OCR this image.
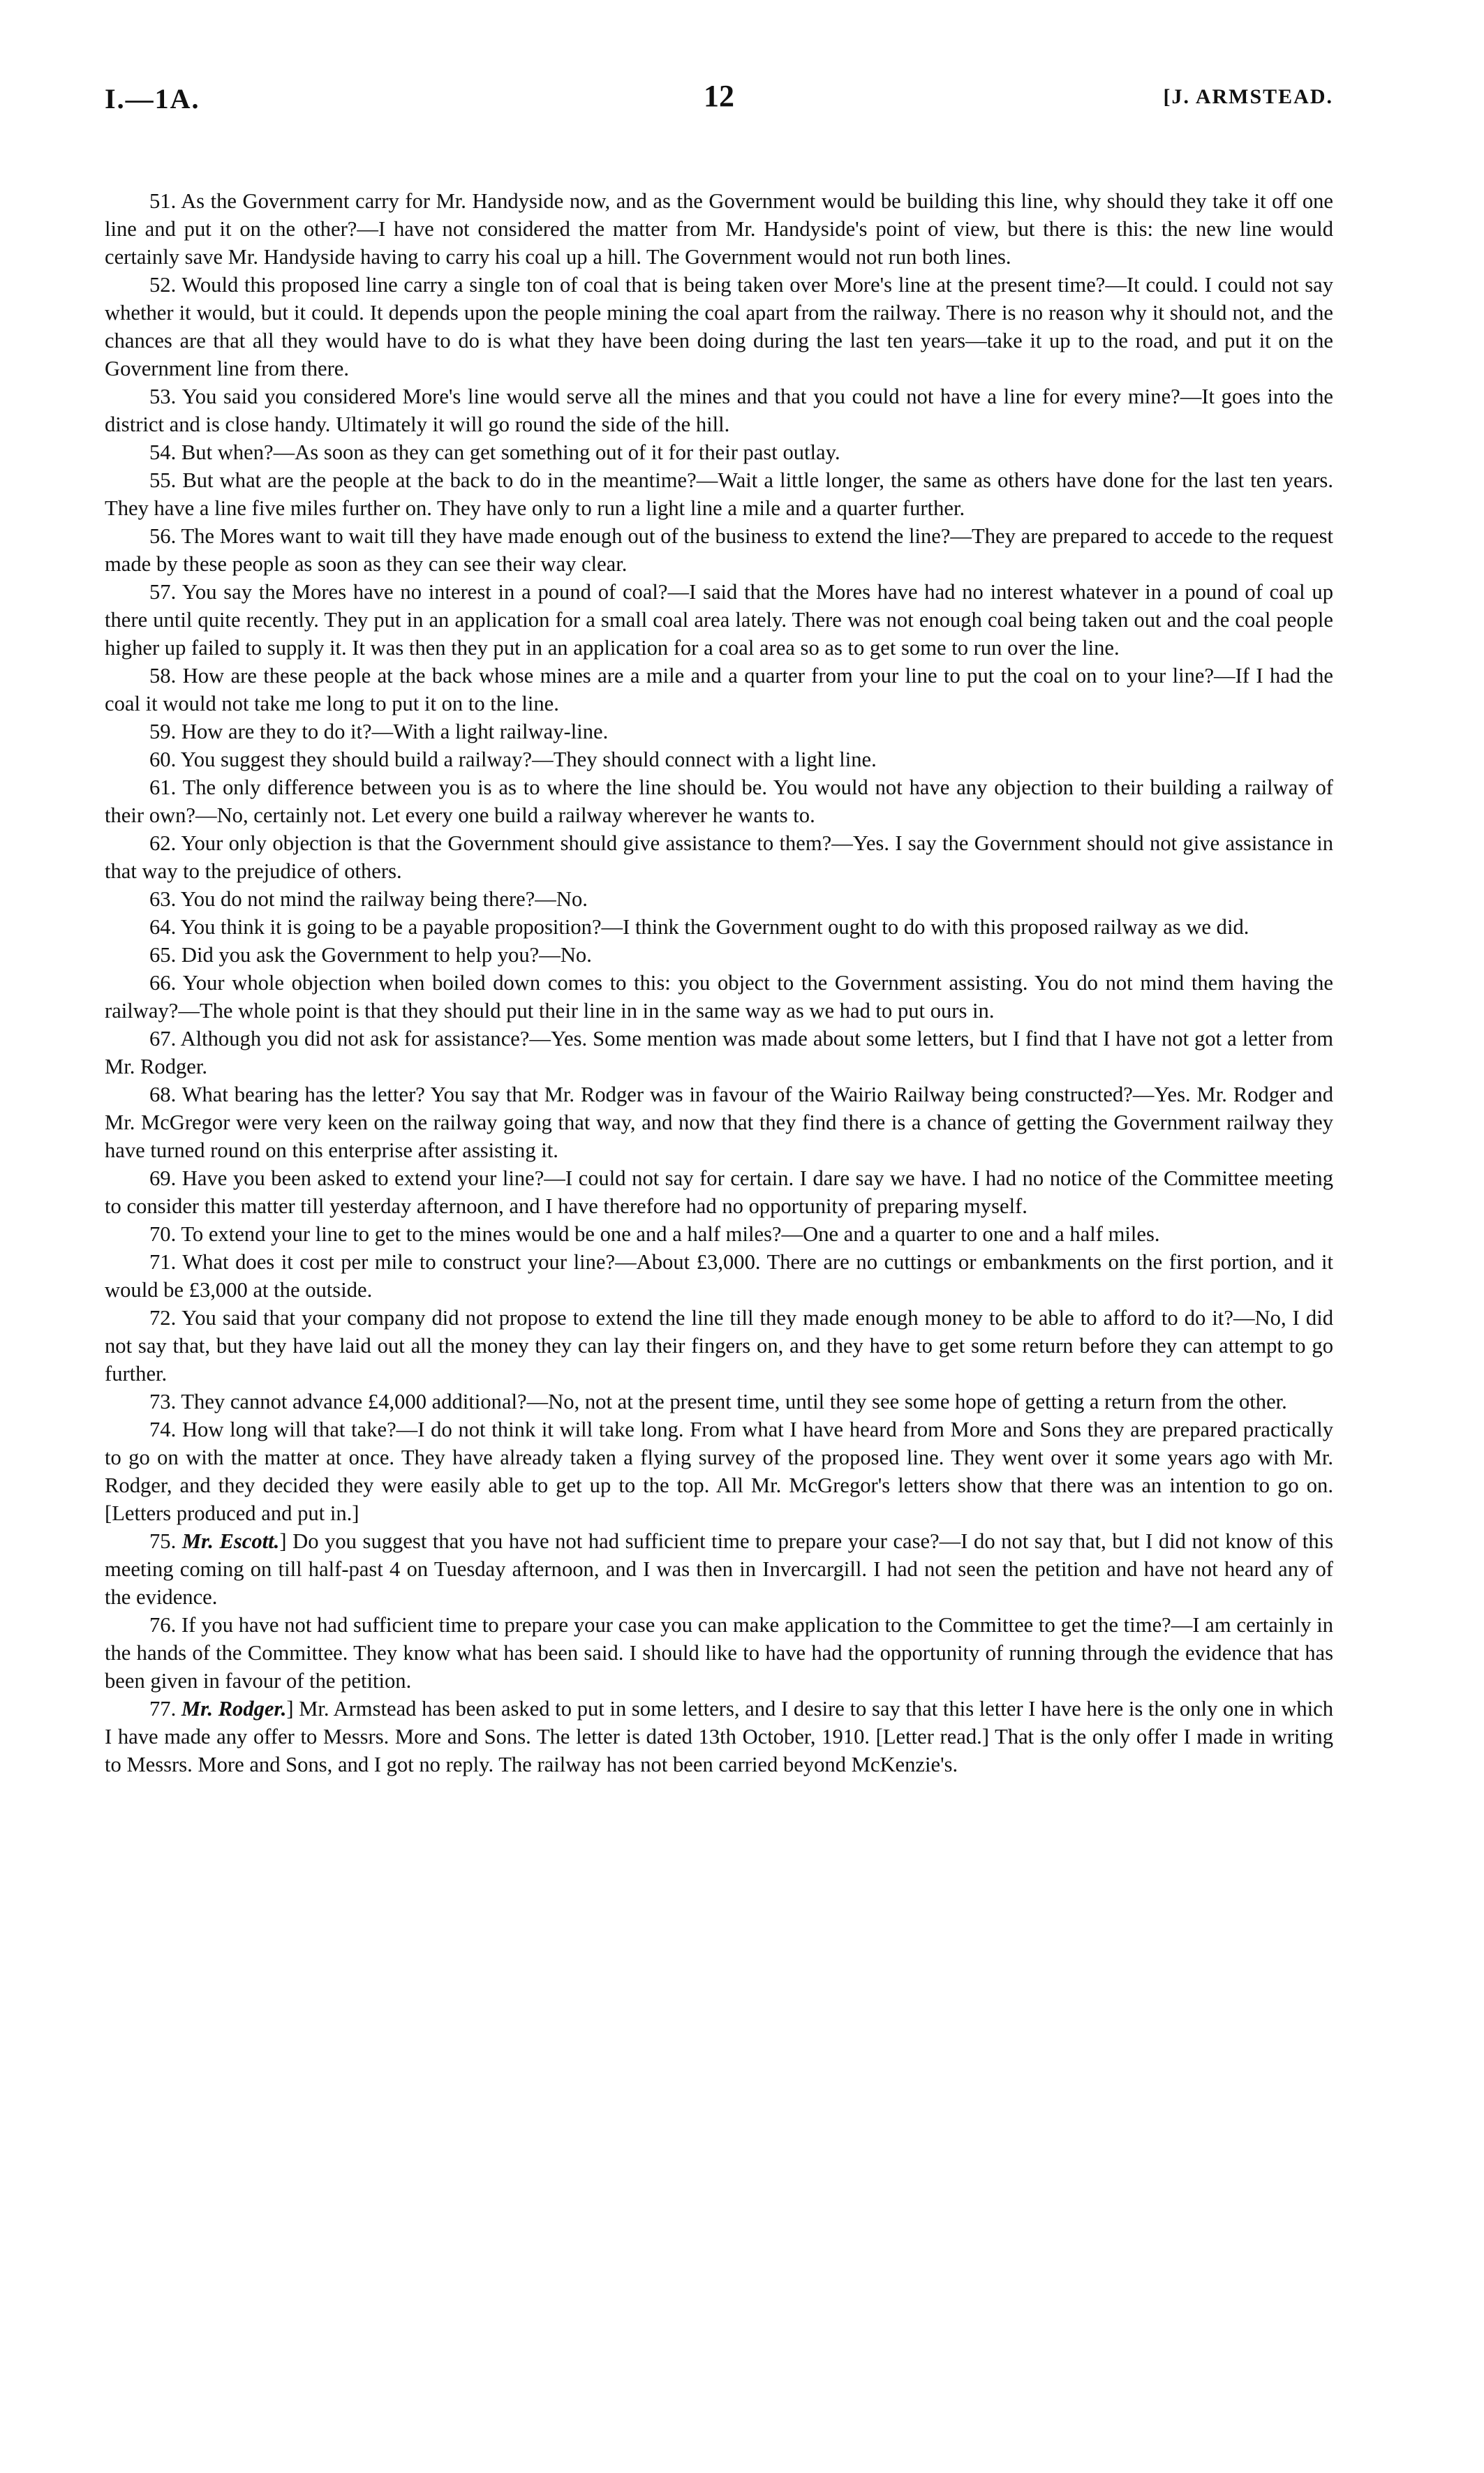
I.—1A.	12	[J. ARMSTEAD.

51. As the Government carry for Mr. Handyside now, and as the Government would be building this line, why should they take it off one line and put it on the other?—I have not considered the matter from Mr. Handyside's point of view, but there is this: the new line would certainly save Mr. Handyside having to carry his coal up a hill. The Government would not run both lines.

52. Would this proposed line carry a single ton of coal that is being taken over More's line at the present time?—It could. I could not say whether it would, but it could. It depends upon the people mining the coal apart from the railway. There is no reason why it should not, and the chances are that all they would have to do is what they have been doing during the last ten years—take it up to the road, and put it on the Government line from there.

53. You said you considered More's line would serve all the mines and that you could not have a line for every mine?—It goes into the district and is close handy. Ultimately it will go round the side of the hill.

54. But when?—As soon as they can get something out of it for their past outlay.

55. But what are the people at the back to do in the meantime?—Wait a little longer, the same as others have done for the last ten years. They have a line five miles further on. They have only to run a light line a mile and a quarter further.

56. The Mores want to wait till they have made enough out of the business to extend the line?—They are prepared to accede to the request made by these people as soon as they can see their way clear.

57. You say the Mores have no interest in a pound of coal?—I said that the Mores have had no interest whatever in a pound of coal up there until quite recently. They put in an application for a small coal area lately. There was not enough coal being taken out and the coal people higher up failed to supply it. It was then they put in an application for a coal area so as to get some to run over the line.

58. How are these people at the back whose mines are a mile and a quarter from your line to put the coal on to your line?—If I had the coal it would not take me long to put it on to the line.

59. How are they to do it?—With a light railway-line.

60. You suggest they should build a railway?—They should connect with a light line.

61. The only difference between you is as to where the line should be. You would not have any objection to their building a railway of their own?—No, certainly not. Let every one build a railway wherever he wants to.

62. Your only objection is that the Government should give assistance to them?—Yes. I say the Government should not give assistance in that way to the prejudice of others.

63. You do not mind the railway being there?—No.

64. You think it is going to be a payable proposition?—I think the Government ought to do with this proposed railway as we did.

65. Did you ask the Government to help you?—No.

66. Your whole objection when boiled down comes to this: you object to the Government assisting. You do not mind them having the railway?—The whole point is that they should put their line in in the same way as we had to put ours in.

67. Although you did not ask for assistance?—Yes. Some mention was made about some letters, but I find that I have not got a letter from Mr. Rodger.

68. What bearing has the letter? You say that Mr. Rodger was in favour of the Wairio Railway being constructed?—Yes. Mr. Rodger and Mr. McGregor were very keen on the railway going that way, and now that they find there is a chance of getting the Government railway they have turned round on this enterprise after assisting it.

69. Have you been asked to extend your line?—I could not say for certain. I dare say we have. I had no notice of the Committee meeting to consider this matter till yesterday afternoon, and I have therefore had no opportunity of preparing myself.

70. To extend your line to get to the mines would be one and a half miles?—One and a quarter to one and a half miles.

71. What does it cost per mile to construct your line?—About £3,000. There are no cuttings or embankments on the first portion, and it would be £3,000 at the outside.

72. You said that your company did not propose to extend the line till they made enough money to be able to afford to do it?—No, I did not say that, but they have laid out all the money they can lay their fingers on, and they have to get some return before they can attempt to go further.

73. They cannot advance £4,000 additional?—No, not at the present time, until they see some hope of getting a return from the other.

74. How long will that take?—I do not think it will take long. From what I have heard from More and Sons they are prepared practically to go on with the matter at once. They have already taken a flying survey of the proposed line. They went over it some years ago with Mr. Rodger, and they decided they were easily able to get up to the top. All Mr. McGregor's letters show that there was an intention to go on. [Letters produced and put in.]

75. Mr. Escott.] Do you suggest that you have not had sufficient time to prepare your case?—I do not say that, but I did not know of this meeting coming on till half-past 4 on Tuesday afternoon, and I was then in Invercargill. I had not seen the petition and have not heard any of the evidence.

76. If you have not had sufficient time to prepare your case you can make application to the Committee to get the time?—I am certainly in the hands of the Committee. They know what has been said. I should like to have had the opportunity of running through the evidence that has been given in favour of the petition.

77. Mr. Rodger.] Mr. Armstead has been asked to put in some letters, and I desire to say that this letter I have here is the only one in which I have made any offer to Messrs. More and Sons. The letter is dated 13th October, 1910. [Letter read.] That is the only offer I made in writing to Messrs. More and Sons, and I got no reply. The railway has not been carried beyond McKenzie's.
